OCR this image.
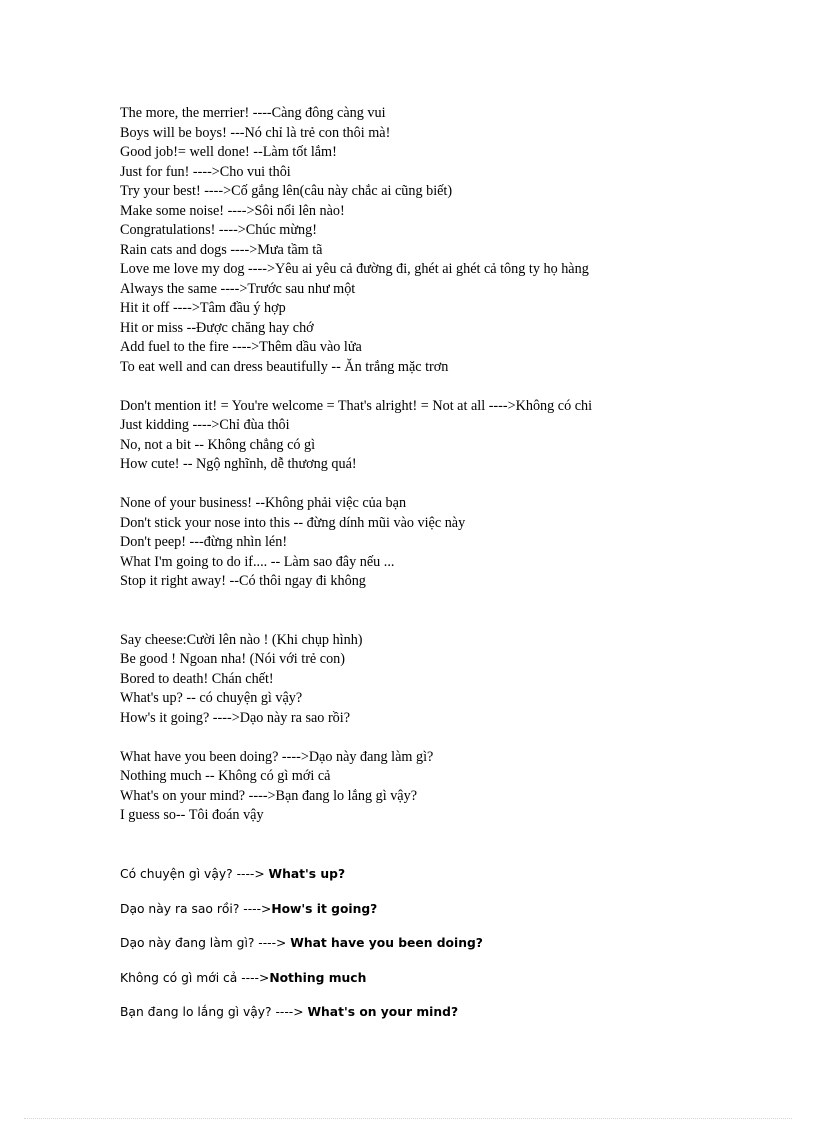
The more, the merrier! ----Càng đông càng vui
Boys will be boys! ---Nó chỉ là trẻ con thôi mà!
Good job!= well done! --Làm tốt lắm!
Just for fun! ---->Cho vui thôi
Try your best! ---->Cố gắng lên(câu này chắc ai cũng biết)
Make some noise! ---->Sôi nổi lên nào!
Congratulations! ---->Chúc mừng!
Rain cats and dogs ---->Mưa tầm tã
Love me love my dog ---->Yêu ai yêu cả đường đi, ghét ai ghét cả tông ty họ hàng
Always the same ---->Trước sau như một
Hit it off ---->Tâm đầu ý hợp
Hit or miss --Được chăng hay chớ
Add fuel to the fire ---->Thêm dầu vào lửa
To eat well and can dress beautifully -- Ăn trắng mặc trơn
Don't mention it! = You're welcome = That's alright! = Not at all ---->Không có chi
Just kidding ---->Chỉ đùa thôi
No, not a bit -- Không chẳng có gì
How cute! -- Ngộ nghĩnh, dễ thương quá!
None of your business! --Không phải việc của bạn
Don't stick your nose into this -- đừng dính mũi vào việc này
Don't peep! ---đừng nhìn lén!
What I'm going to do if.... -- Làm sao đây nếu ...
Stop it right away! --Có thôi ngay đi không
Say cheese:Cười lên nào ! (Khi chụp hình)
Be good ! Ngoan nha! (Nói với trẻ con)
Bored to death! Chán chết!
What's up? -- có chuyện gì vậy?
How's it going? ---->Dạo này ra sao rồi?
What have you been doing? ---->Dạo này đang làm gì?
Nothing much -- Không có gì mới cả
What's on your mind? ---->Bạn đang lo lắng gì vậy?
I guess so-- Tôi đoán vậy
Có chuyện gì vậy? ----> What's up?
Dạo này ra sao rồi? ---->How's it going?
Dạo này đang làm gì? ----> What have you been doing?
Không có gì mới cả ---->Nothing much
Bạn đang lo lắng gì vậy? ----> What's on your mind?
